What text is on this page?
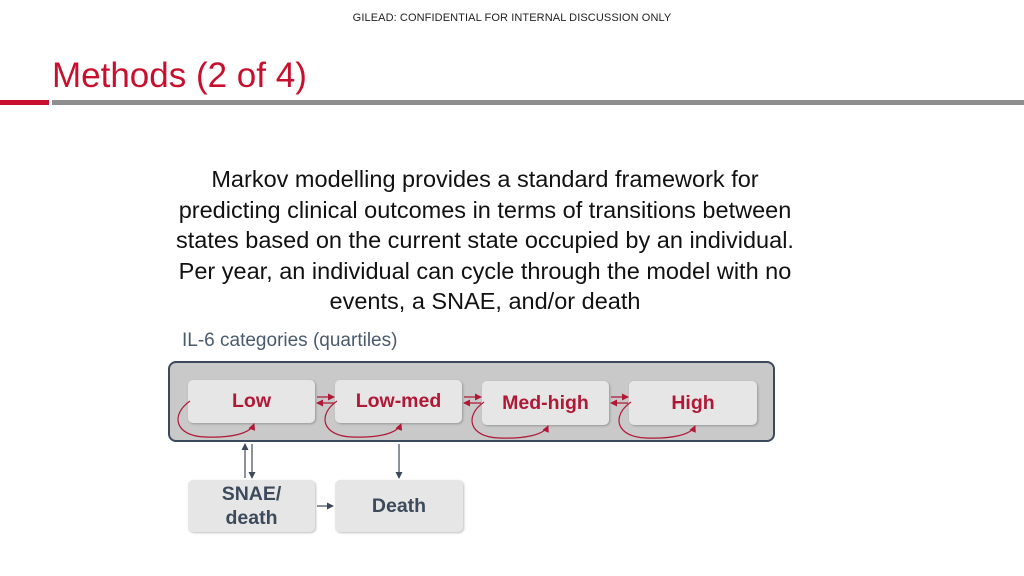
GILEAD: CONFIDENTIAL FOR INTERNAL DISCUSSION ONLY
Methods (2 of 4)
Markov modelling provides a standard framework for
predicting clinical outcomes in terms of transitions between
states based on the current state occupied by an individual.
Per year, an individual can cycle through the model with no
events, a SNAE, and/or death
IL-6 categories (quartiles)
Low	Low-med	Med-high	High
SNAE/
death
Death
